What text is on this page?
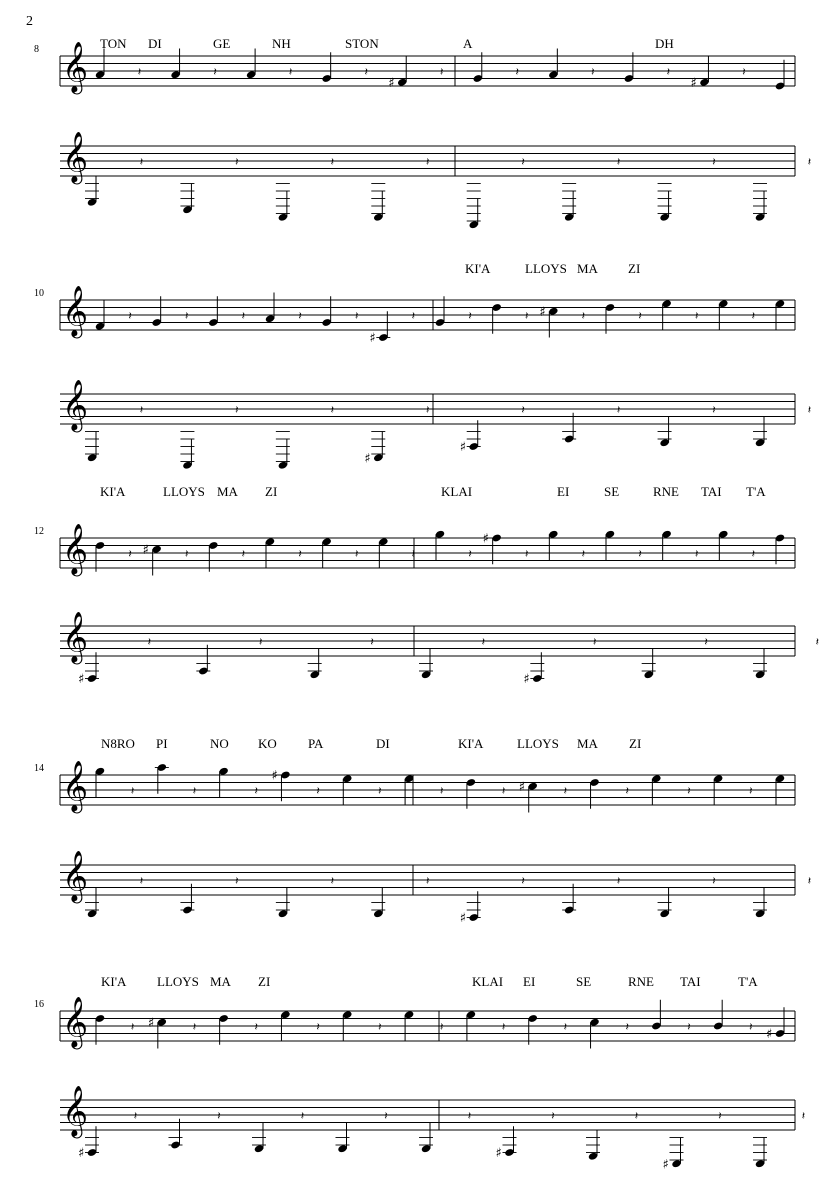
2
8 𝄞
𝄞
TON DI	GE	NH	STON	A	DH
𝄽	𝄽	𝄽	𝄽
♯
𝄽	𝄽	𝄽	𝄽
♯
𝄽
𝄽	𝄽	𝄽	𝄽	𝄽	𝄽	𝄽	𝄽
10 𝄞
𝄞
KI'A	LLOYS MA ZI
𝄽	𝄽	𝄽	𝄽	𝄽
♯
𝄽	𝄽	𝄽 ♯	𝄽	𝄽	𝄽	𝄽
𝄽	𝄽	𝄽
♯
𝄽
♯
𝄽	𝄽	𝄽	𝄽
12 𝄞
𝄞
KI'A	LLOYS MA ZI	KLAI	EI	SE	RNE TAI T'A
𝄽 ♯	𝄽	𝄽	𝄽	𝄽	𝄽	𝄽
♯
𝄽	𝄽	𝄽	𝄽	𝄽
♯
𝄽	𝄽	𝄽	𝄽
♯
𝄽	𝄽	𝄽
14 𝄞
𝄞
N8RO PI	NO KO PA	DI	KI'A	LLOYS MA ZI
𝄽	𝄽	𝄽
♯
𝄽	𝄽	𝄽	𝄽 ♯	𝄽	𝄽	𝄽	𝄽
𝄽	𝄽	𝄽	𝄽
♯
𝄽	𝄽	𝄽	𝄽
16 𝄞
𝄞
KI'A LLOYS MA ZI	KLAI EI	SE	RNE TAI	T'A
𝄽 ♯	𝄽	𝄽	𝄽	𝄽	𝄽	𝄽	𝄽	𝄽	𝄽	𝄽 ♯
♯
𝄽	𝄽	𝄽	𝄽	𝄽
♯
𝄽	𝄽
♯
𝄽	𝄽
